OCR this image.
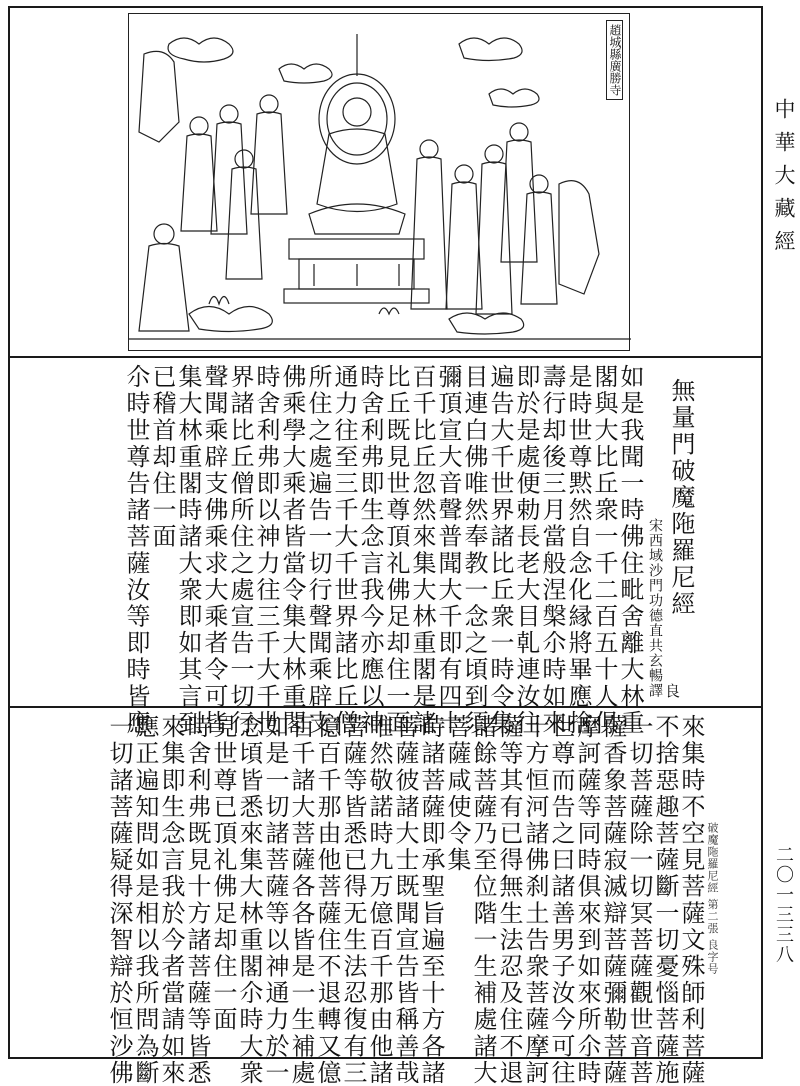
趙城縣廣勝寺
中華大藏經
二〇一三三八
無量門破魔陁羅尼經
宋西域沙門功德直共玄暢譯 良
如是我聞一時佛住毗舍離大林重
閣與大比丘衆一千二百五十人俱
是時世尊黙然自念化縁將畢應捨
壽行却後三月當般涅槃尒時如來
即於是處便勅長老大目乹連汝往
遍告大千世界諸比丘衆一時令集
目連白佛唯然奉教一念之頃到須
彌頂宣大音聲普聞大千即有四十
百千比丘忽然來集大林重閣是諸
比丘既見世尊頂礼佛足却住一面
時舍利弗即生念言我今亦應以神
通力往至三千大千世界諸比丘僧
所住之處遍告一切行聲聞乘辟支
佛乘學大乘者皆當令集大林重閣
時舍利弗即以神力往三千大千世
界諸比丘僧所住之處宣告一切行
聲聞乘辟支佛乘求大乘者令可皆
集大林重閣時諸大衆即如其言到
已稽首却住一面
尒時世尊告諸菩薩汝等即時皆應
破魔陁羅尼經 第二張 良字号
來集時不空見菩薩文殊師利菩薩
不捨惡趣菩薩斷一切憂惱菩薩施
一切菩薩除一切冥菩薩觀世音菩
薩香象菩薩寂滅辯菩薩彌勒菩薩
摩訶薩等同時俱來到如來所尒時
世尊而告之曰諸善男子汝今可往
十方恒河諸佛刹土告衆菩薩摩訶
薩等其有已得無生法忍及住不退
諸餘菩薩乃至位階一生補處諸大
菩薩咸使令集
時諸菩薩即承聖旨遍至十方各諸
菩薩彼諸大士既聞宣告皆稱善哉
唯然敬諾時九万億百千那由他諸
菩薩等皆悉已得无生法忍復有三
億百千那由他菩薩住不退轉又億
百千諸大菩薩各各皆是一生補處
如是一切諸菩薩等以神通力於一
念頃皆悉來集大林重閣尒時大衆
見世尊已頂礼佛足却住一面
時舍利弗既見十方諸菩薩等皆悉
來集即生念言我於今者當請如來
應正遍知問如是相以我所問為斷
一切諸菩薩疑得深智辯於恒沙佛
